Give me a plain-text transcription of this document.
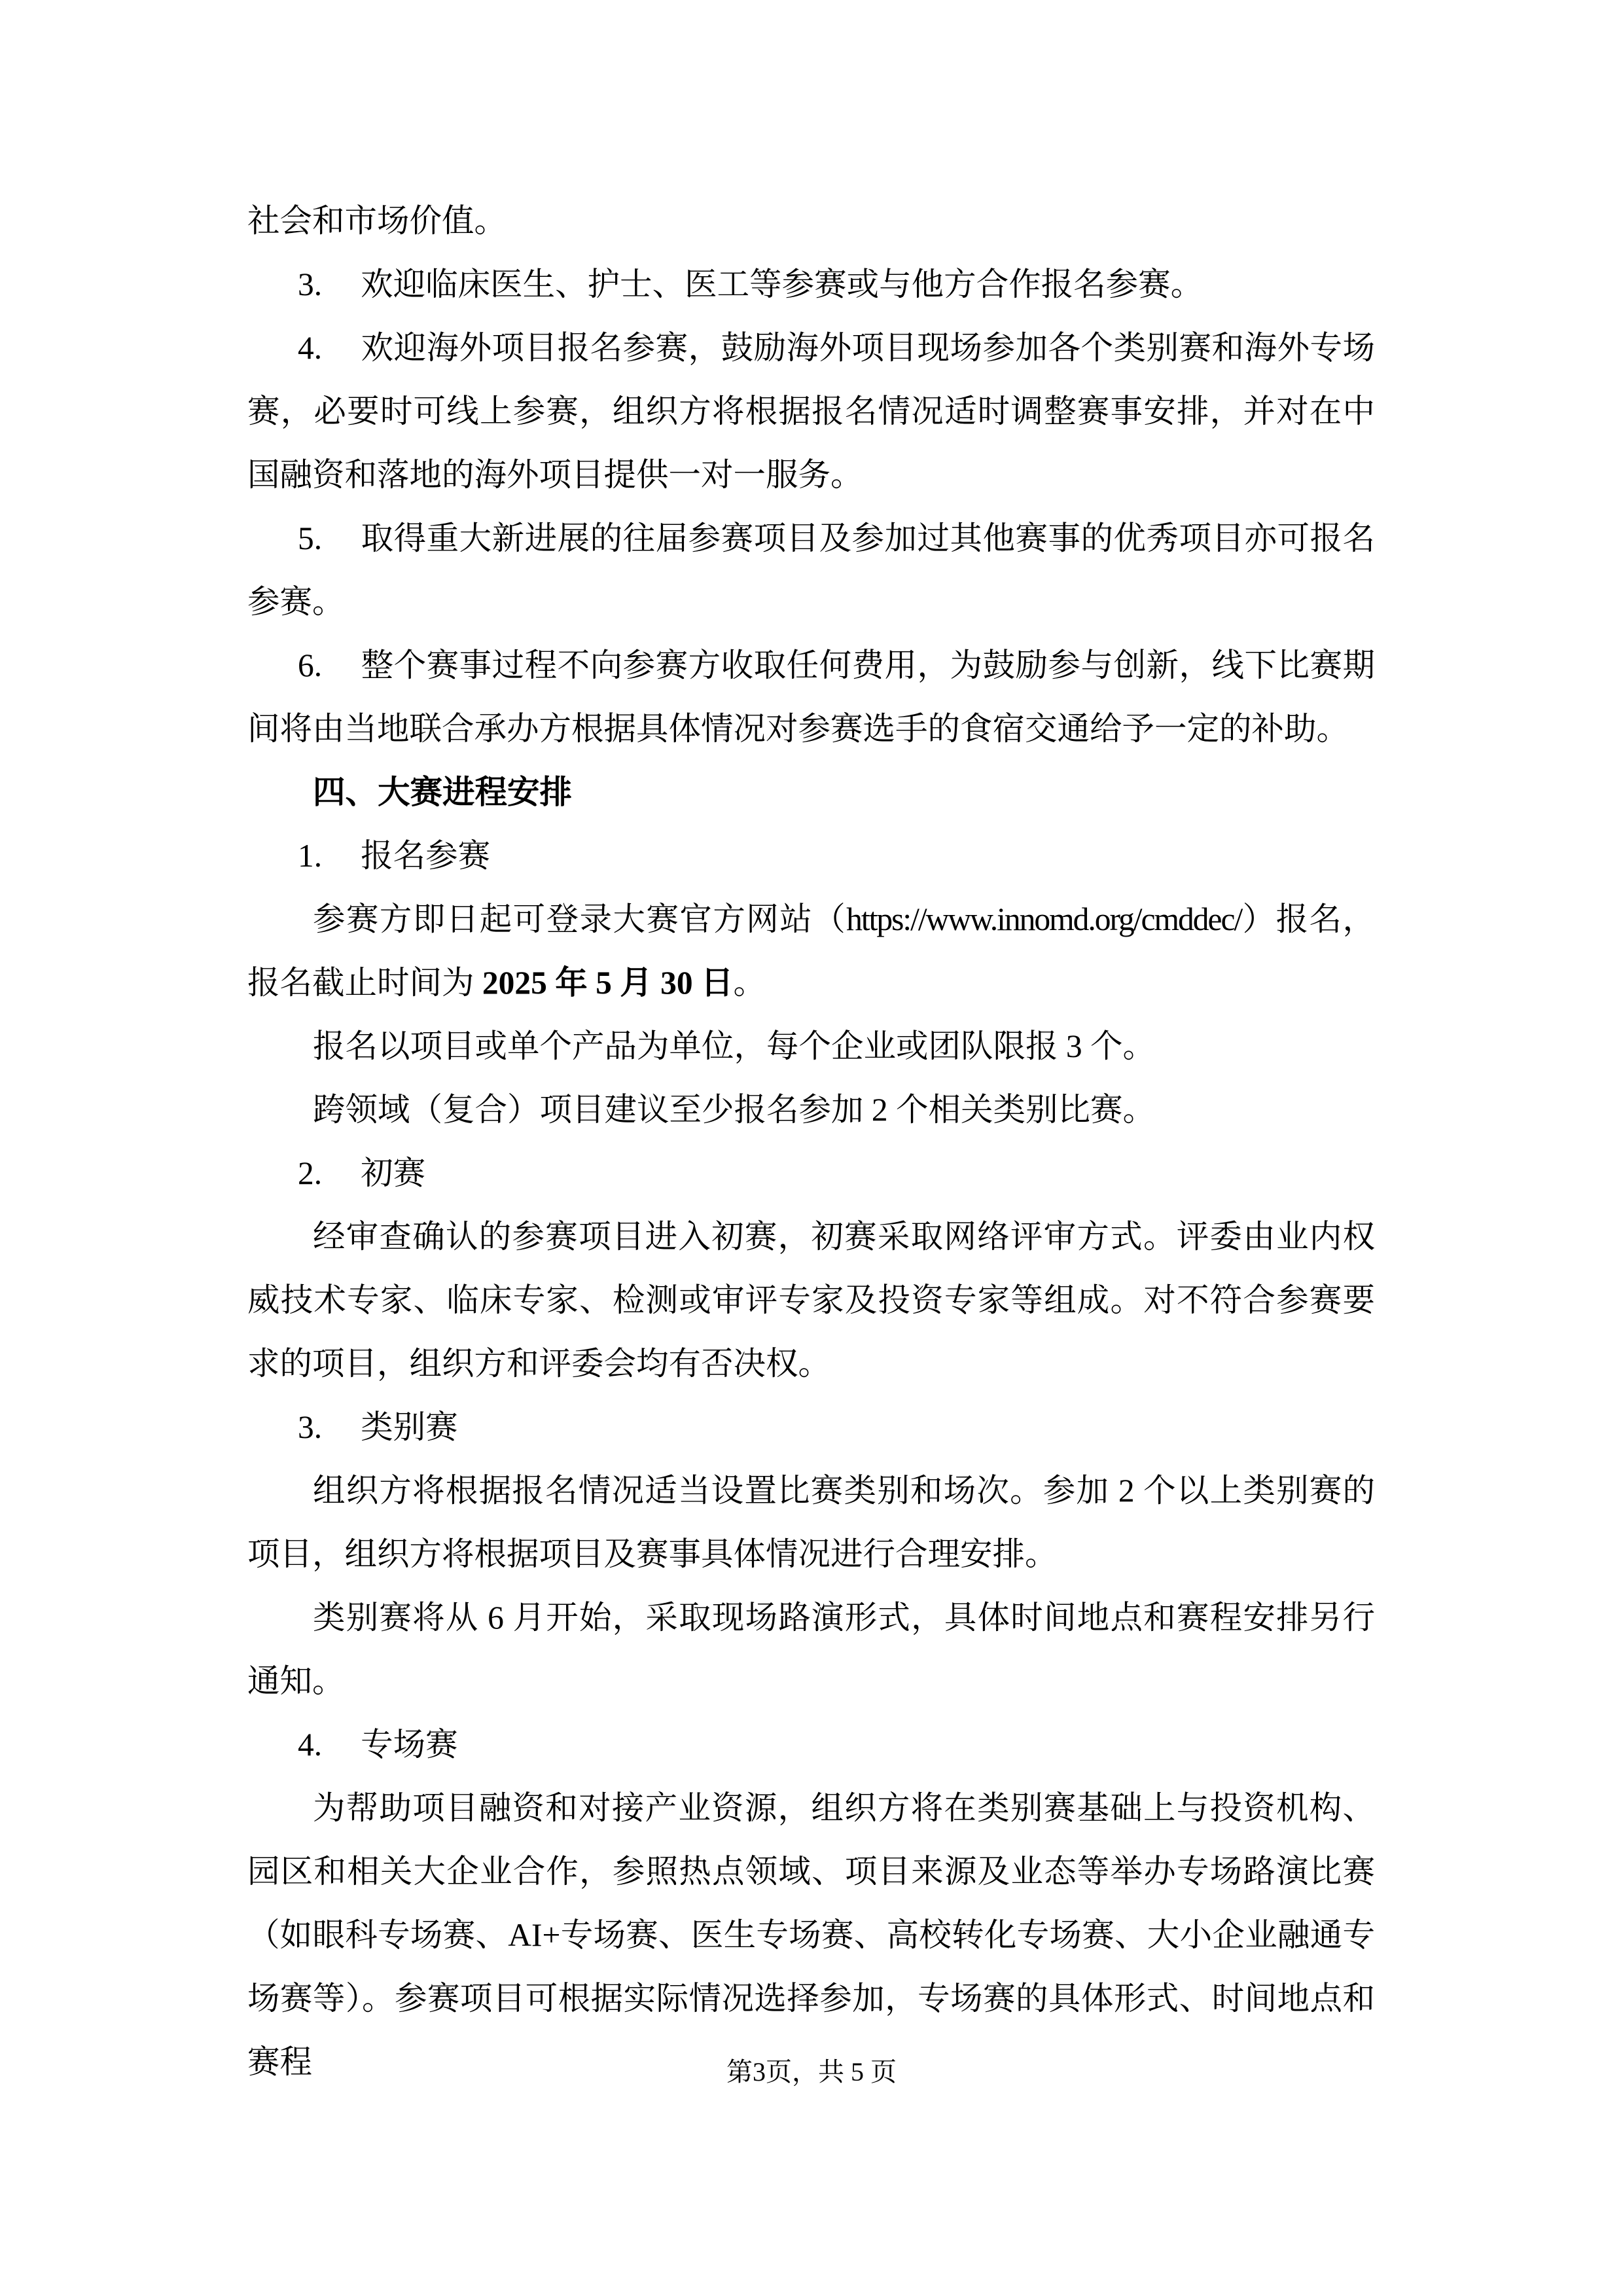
社会和市场价值。

3. 欢迎临床医生、护士、医工等参赛或与他方合作报名参赛。

4. 欢迎海外项目报名参赛，鼓励海外项目现场参加各个类别赛和海外专场赛，必要时可线上参赛，组织方将根据报名情况适时调整赛事安排，并对在中国融资和落地的海外项目提供一对一服务。

5. 取得重大新进展的往届参赛项目及参加过其他赛事的优秀项目亦可报名参赛。

6. 整个赛事过程不向参赛方收取任何费用，为鼓励参与创新，线下比赛期间将由当地联合承办方根据具体情况对参赛选手的食宿交通给予一定的补助。

四、大赛进程安排

1. 报名参赛

参赛方即日起可登录大赛官方网站（https://www.innomd.org/cmddec/）报名，报名截止时间为 2025 年 5 月 30 日。

报名以项目或单个产品为单位，每个企业或团队限报 3 个。

跨领域（复合）项目建议至少报名参加 2 个相关类别比赛。

2. 初赛

经审查确认的参赛项目进入初赛，初赛采取网络评审方式。评委由业内权威技术专家、临床专家、检测或审评专家及投资专家等组成。对不符合参赛要求的项目，组织方和评委会均有否决权。

3. 类别赛

组织方将根据报名情况适当设置比赛类别和场次。参加 2 个以上类别赛的项目，组织方将根据项目及赛事具体情况进行合理安排。

类别赛将从 6 月开始，采取现场路演形式，具体时间地点和赛程安排另行通知。

4. 专场赛

为帮助项目融资和对接产业资源，组织方将在类别赛基础上与投资机构、园区和相关大企业合作，参照热点领域、项目来源及业态等举办专场路演比赛（如眼科专场赛、AI+专场赛、医生专场赛、高校转化专场赛、大小企业融通专场赛等）。参赛项目可根据实际情况选择参加，专场赛的具体形式、时间地点和赛程	第3页，共 5 页
